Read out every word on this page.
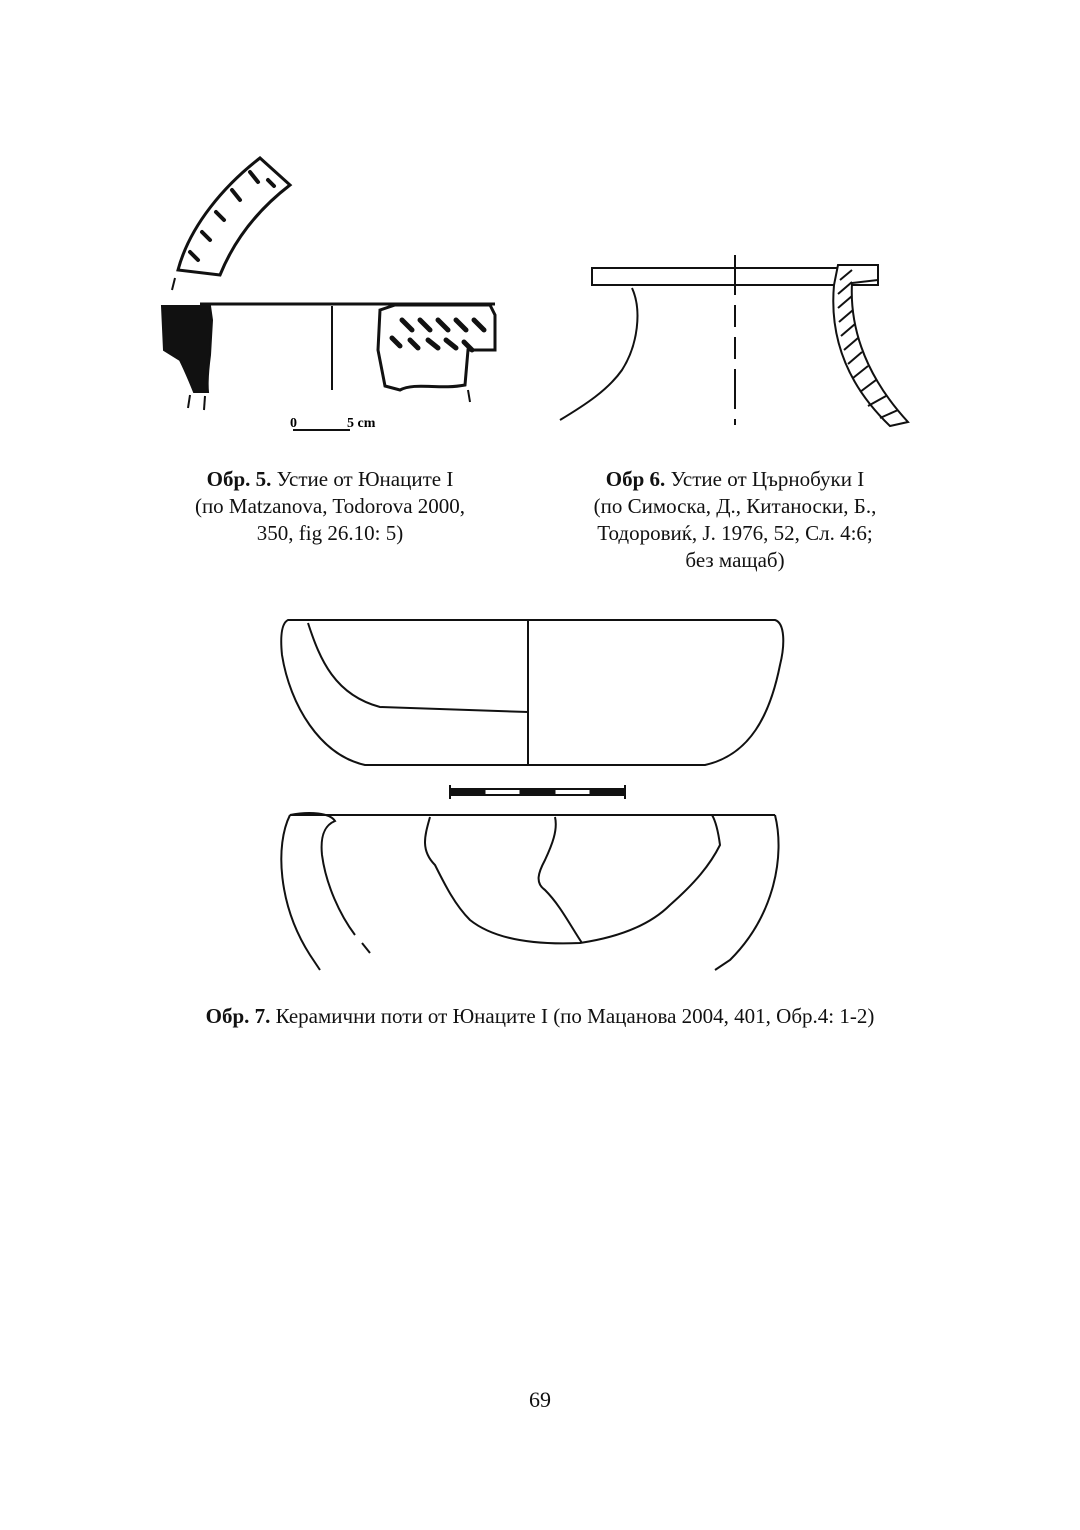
0	5 cm
Обр. 5. Устие от Юнаците I
(по Matzanova, Todorova 2000,
350, fig 26.10: 5)
Обр 6. Устие от Църнобуки I
(по Симоска, Д., Китаноски, Б.,
Тодоровиќ, Ј. 1976, 52, Сл. 4:6;
без мащаб)
Обр. 7. Керамични поти от Юнаците I (по Мацанова 2004, 401, Обр.4: 1-2)
69
